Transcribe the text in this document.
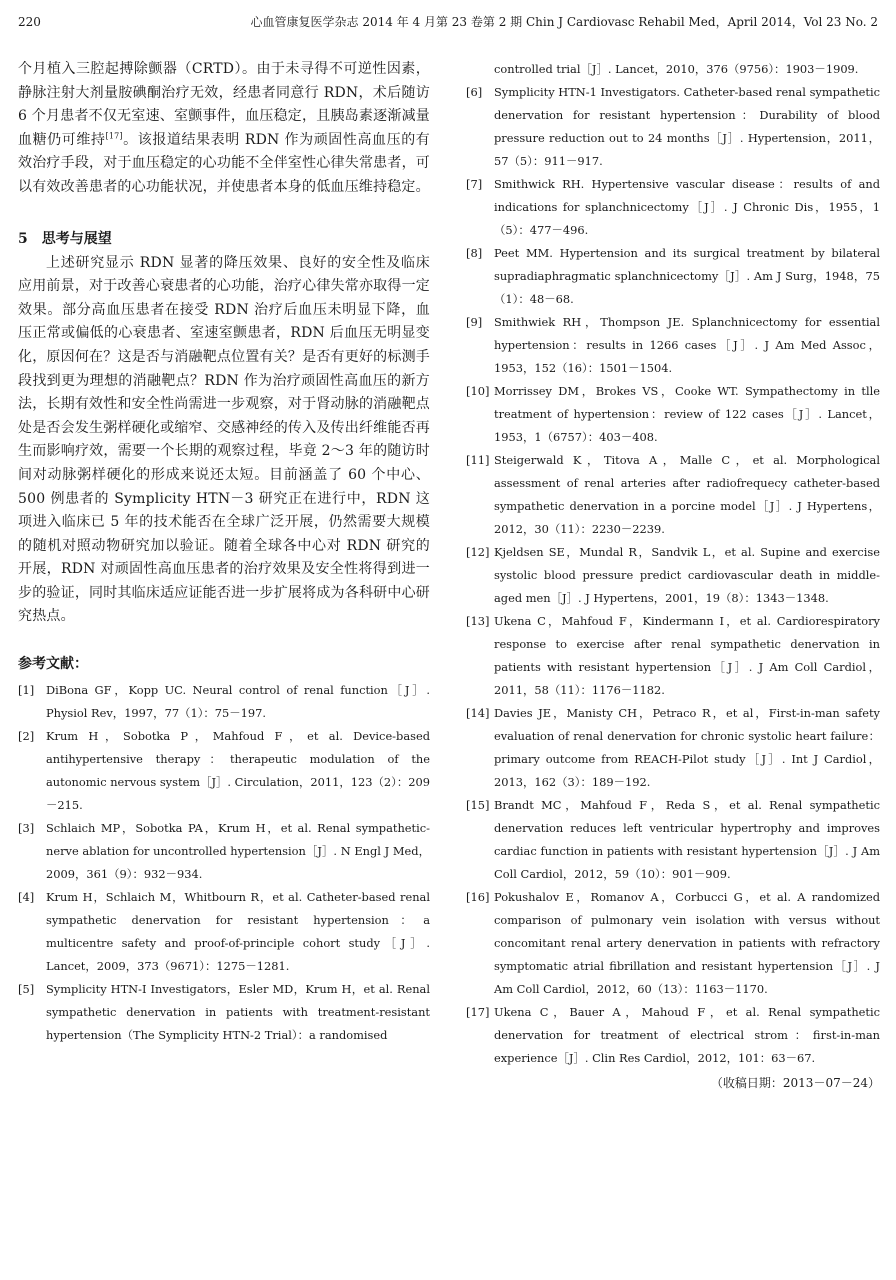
220	心血管康复医学杂志 2014 年 4 月第 23 卷第 2 期 Chin J Cardiovasc Rehabil Med，April 2014，Vol 23 No. 2

个月植入三腔起搏除颤器（CRTD）。由于未寻得不可逆性因素，静脉注射大剂量胺碘酮治疗无效，经患者同意行 RDN，术后随访 6 个月患者不仅无室速、室颤事件，血压稳定，且胰岛素逐渐减量血糖仍可维持[17]。该报道结果表明 RDN 作为顽固性高血压的有效治疗手段，对于血压稳定的心功能不全伴室性心律失常患者，可以有效改善患者的心功能状况，并使患者本身的低血压维持稳定。

5　思考与展望

上述研究显示 RDN 显著的降压效果、良好的安全性及临床应用前景，对于改善心衰患者的心功能，治疗心律失常亦取得一定效果。部分高血压患者在接受 RDN 治疗后血压未明显下降，血压正常或偏低的心衰患者、室速室颤患者，RDN 后血压无明显变化，原因何在？这是否与消融靶点位置有关？是否有更好的标测手段找到更为理想的消融靶点？RDN 作为治疗顽固性高血压的新方法，长期有效性和安全性尚需进一步观察，对于肾动脉的消融靶点处是否会发生粥样硬化或缩窄、交感神经的传入及传出纤维能否再生而影响疗效，需要一个长期的观察过程，毕竟 2～3 年的随访时间对动脉粥样硬化的形成来说还太短。目前涵盖了 60 个中心、500 例患者的 Symplicity HTN－3 研究正在进行中，RDN 这项进入临床已 5 年的技术能否在全球广泛开展，仍然需要大规模的随机对照动物研究加以验证。随着全球各中心对 RDN 研究的开展，RDN 对顽固性高血压患者的治疗效果及安全性将得到进一步的验证，同时其临床适应证能否进一步扩展将成为各科研中心研究热点。

参考文献：

[1] DiBona GF，Kopp UC. Neural control of renal function［J］. Physiol Rev，1997，77（1）：75－197.

[2] Krum H，Sobotka P，Mahfoud F，et al. Device-based antihypertensive therapy：therapeutic modulation of the autonomic nervous system［J］. Circulation，2011，123（2）：209－215.

[3] Schlaich MP，Sobotka PA，Krum H，et al. Renal sympathetic-nerve ablation for uncontrolled hypertension［J］. N Engl J Med，2009，361（9）：932－934.

[4] Krum H，Schlaich M，Whitbourn R，et al. Catheter-based renal sympathetic denervation for resistant hypertension：a multicentre safety and proof-of-principle cohort study［J］. Lancet，2009，373（9671）：1275－1281.

[5] Symplicity HTN-I Investigators，Esler MD，Krum H，et al. Renal sympathetic denervation in patients with treatment-resistant hypertension（The Symplicity HTN-2 Trial）：a randomised

controlled trial［J］. Lancet，2010，376（9756）：1903－1909.

[6] Symplicity HTN-1 Investigators. Catheter-based renal sympathetic denervation for resistant hypertension：Durability of blood pressure reduction out to 24 months［J］. Hypertension，2011，57（5）：911－917.

[7] Smithwick RH. Hypertensive vascular disease：results of and indications for splanchnicectomy［J］. J Chronic Dis，1955，1（5）：477－496.

[8] Peet MM. Hypertension and its surgical treatment by bilateral supradiaphragmatic splanchnicectomy［J］. Am J Surg，1948，75（1）：48－68.

[9] Smithwiek RH，Thompson JE. Splanchnicectomy for essential hypertension：results in 1266 cases［J］. J Am Med Assoc，1953，152（16）：1501－1504.

[10] Morrissey DM，Brokes VS，Cooke WT. Sympathectomy in tlle treatment of hypertension：review of 122 cases［J］. Lancet，1953，1（6757）：403－408.

[11] Steigerwald K，Titova A，Malle C，et al. Morphological assessment of renal arteries after radiofrequecy catheter-based sympathetic denervation in a porcine model［J］. J Hypertens，2012，30（11）：2230－2239.

[12] Kjeldsen SE，Mundal R，Sandvik L，et al. Supine and exercise systolic blood pressure predict cardiovascular death in middle-aged men［J］. J Hypertens，2001，19（8）：1343－1348.

[13] Ukena C，Mahfoud F，Kindermann I，et al. Cardiorespiratory response to exercise after renal sympathetic denervation in patients with resistant hypertension［J］. J Am Coll Cardiol，2011，58（11）：1176－1182.

[14] Davies JE，Manisty CH，Petraco R，et al，First-in-man safety evaluation of renal denervation for chronic systolic heart failure：primary outcome from REACH-Pilot study［J］. Int J Cardiol，2013，162（3）：189－192.

[15] Brandt MC，Mahfoud F，Reda S，et al. Renal sympathetic denervation reduces left ventricular hypertrophy and improves cardiac function in patients with resistant hypertension［J］. J Am Coll Cardiol，2012，59（10）：901－909.

[16] Pokushalov E，Romanov A，Corbucci G，et al. A randomized comparison of pulmonary vein isolation with versus without concomitant renal artery denervation in patients with refractory symptomatic atrial fibrillation and resistant hypertension［J］. J Am Coll Cardiol，2012，60（13）：1163－1170.

[17] Ukena C，Bauer A，Mahoud F，et al. Renal sympathetic denervation for treatment of electrical strom：first-in-man experience［J］. Clin Res Cardiol，2012，101：63－67.

（收稿日期：2013－07－24）
